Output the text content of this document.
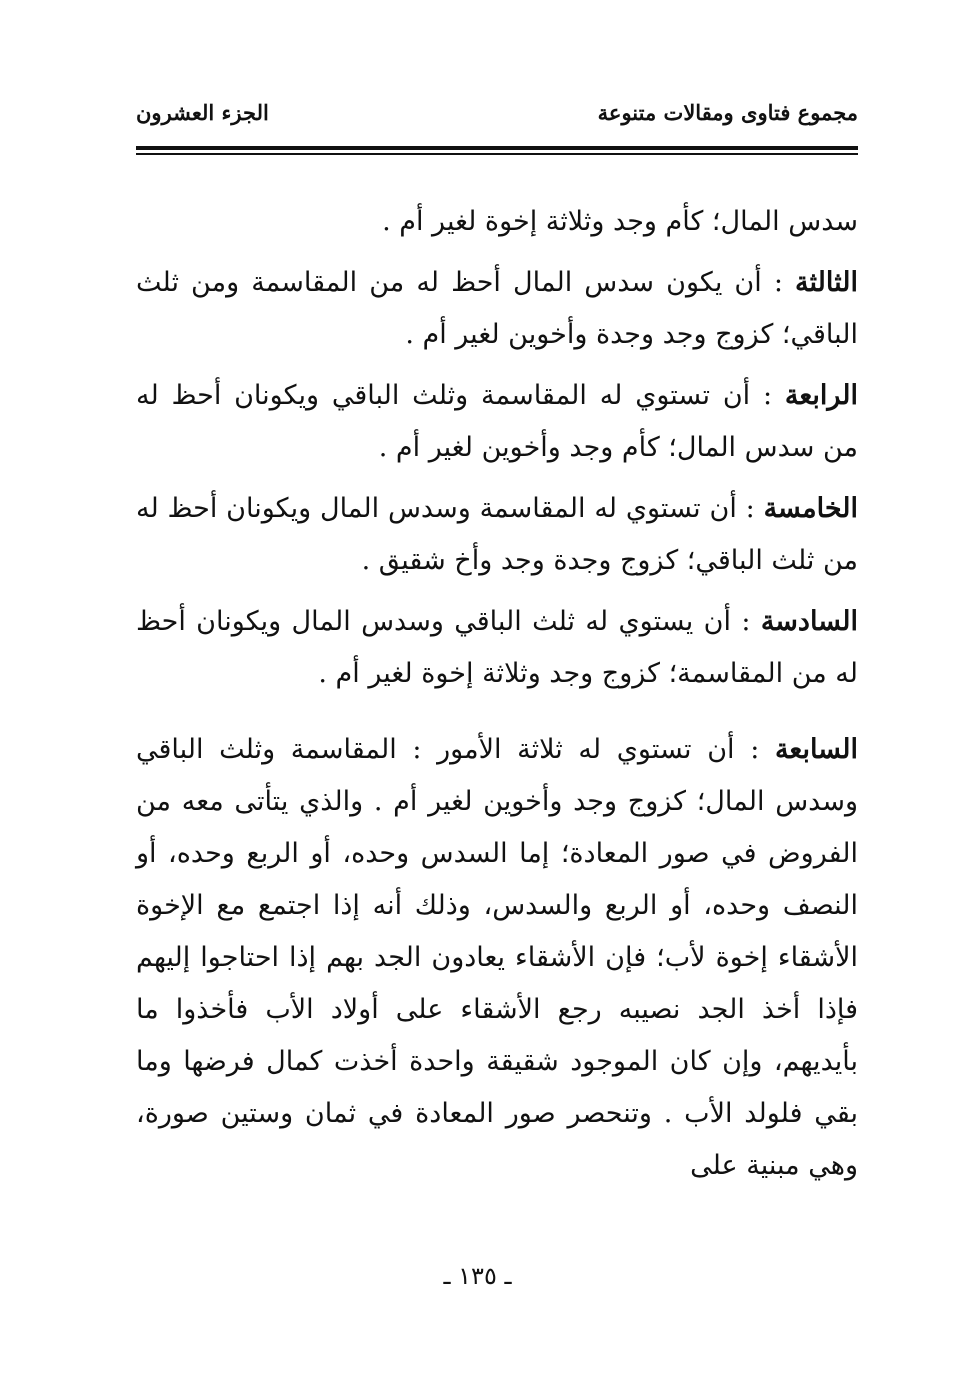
مجموع فتاوى ومقالات متنوعة
الجزء العشرون

سدس المال؛ كأم وجد وثلاثة إخوة لغير أم .

الثالثة : أن يكون سدس المال أحظ له من المقاسمة ومن ثلث الباقي؛ كزوج وجد وجدة وأخوين لغير أم .

الرابعة : أن تستوي له المقاسمة وثلث الباقي ويكونان أحظ له من سدس المال؛ كأم وجد وأخوين لغير أم .

الخامسة : أن تستوي له المقاسمة وسدس المال ويكونان أحظ له من ثلث الباقي؛ كزوج وجدة وجد وأخ شقيق .

السادسة : أن يستوي له ثلث الباقي وسدس المال ويكونان أحظ له من المقاسمة؛ كزوج وجد وثلاثة إخوة لغير أم .

السابعة : أن تستوي له ثلاثة الأمور : المقاسمة وثلث الباقي وسدس المال؛ كزوج وجد وأخوين لغير أم . والذي يتأتى معه من الفروض في صور المعادة؛ إما السدس وحده، أو الربع وحده، أو النصف وحده، أو الربع والسدس، وذلك أنه إذا اجتمع مع الإخوة الأشقاء إخوة لأب؛ فإن الأشقاء يعادون الجد بهم إذا احتاجوا إليهم فإذا أخذ الجد نصيبه رجع الأشقاء على أولاد الأب فأخذوا ما بأيديهم، وإن كان الموجود شقيقة واحدة أخذت كمال فرضها وما بقي فلولد الأب . وتنحصر صور المعادة في ثمان وستين صورة، وهي مبنية على

ـ ١٣٥ ـ
